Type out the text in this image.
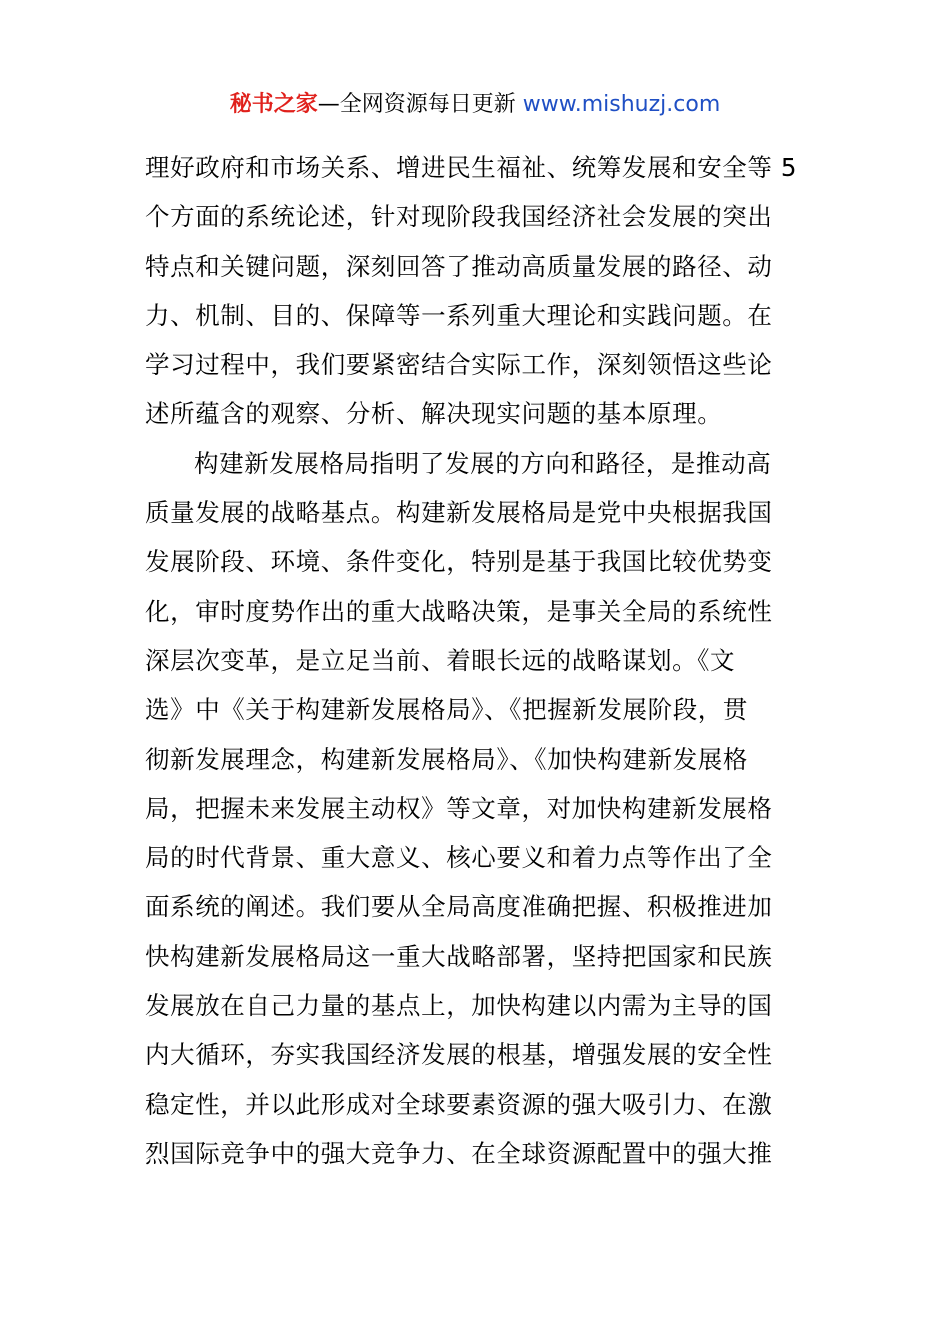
秘书之家—全网资源每日更新 www.mishuzj.com
理好政府和市场关系、增进民生福祉、统筹发展和安全等 5
个方面的系统论述，针对现阶段我国经济社会发展的突出
特点和关键问题，深刻回答了推动高质量发展的路径、动
力、机制、目的、保障等一系列重大理论和实践问题。在
学习过程中，我们要紧密结合实际工作，深刻领悟这些论
述所蕴含的观察、分析、解决现实问题的基本原理。
构建新发展格局指明了发展的方向和路径，是推动高
质量发展的战略基点。构建新发展格局是党中央根据我国
发展阶段、环境、条件变化，特别是基于我国比较优势变
化，审时度势作出的重大战略决策，是事关全局的系统性
深层次变革，是立足当前、着眼长远的战略谋划。《文
选》中《关于构建新发展格局》、《把握新发展阶段，贯
彻新发展理念，构建新发展格局》、《加快构建新发展格
局，把握未来发展主动权》等文章，对加快构建新发展格
局的时代背景、重大意义、核心要义和着力点等作出了全
面系统的阐述。我们要从全局高度准确把握、积极推进加
快构建新发展格局这一重大战略部署，坚持把国家和民族
发展放在自己力量的基点上，加快构建以内需为主导的国
内大循环，夯实我国经济发展的根基，增强发展的安全性
稳定性，并以此形成对全球要素资源的强大吸引力、在激
烈国际竞争中的强大竞争力、在全球资源配置中的强大推
